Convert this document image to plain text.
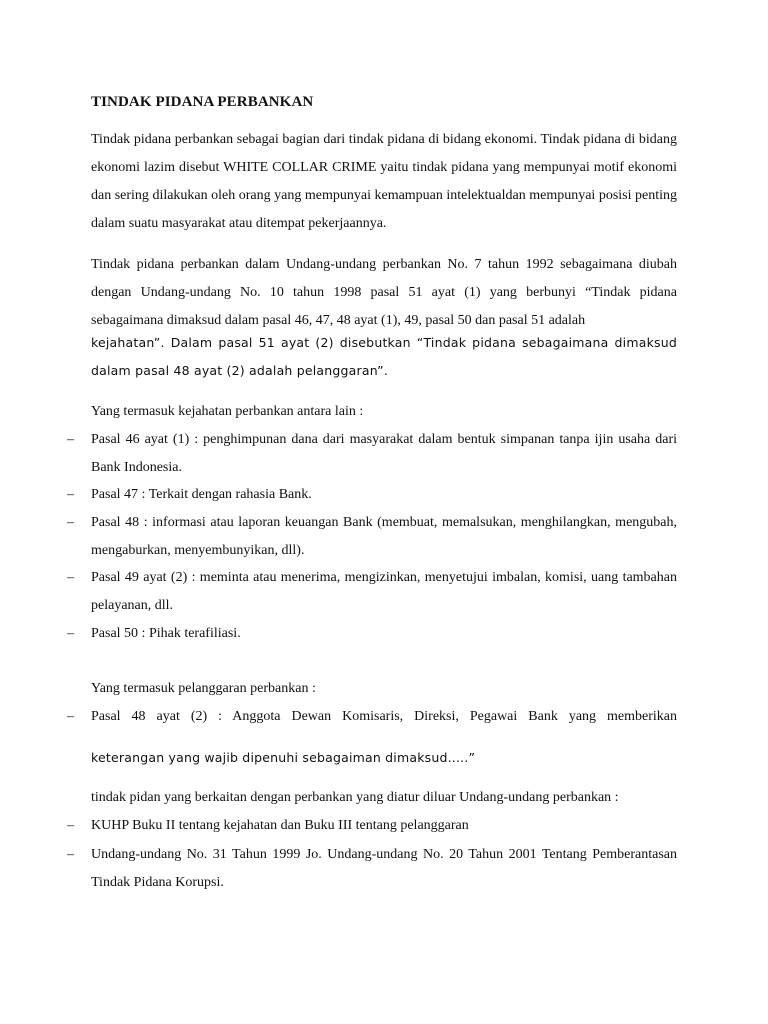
TINDAK PIDANA PERBANKAN

Tindak pidana perbankan sebagai bagian dari tindak pidana di bidang ekonomi. Tindak pidana di bidang ekonomi lazim disebut WHITE COLLAR CRIME yaitu tindak pidana yang mempunyai motif ekonomi dan sering dilakukan oleh orang yang mempunyai kemampuan intelektualdan mempunyai posisi penting dalam suatu masyarakat atau ditempat pekerjaannya.

Tindak pidana perbankan dalam Undang-undang perbankan No. 7 tahun 1992 sebagaimana diubah dengan Undang-undang No. 10 tahun 1998 pasal 51 ayat (1) yang berbunyi “Tindak pidana sebagaimana dimaksud dalam pasal 46, 47, 48 ayat (1), 49, pasal 50 dan pasal 51 adalah

kejahatan”. Dalam pasal 51 ayat (2) disebutkan “Tindak pidana sebagaimana dimaksud dalam pasal 48 ayat (2) adalah pelanggaran”.

Yang termasuk kejahatan perbankan antara lain :
– Pasal 46 ayat (1) : penghimpunan dana dari masyarakat dalam bentuk simpanan tanpa ijin usaha dari Bank Indonesia.

– Pasal 47 : Terkait dengan rahasia Bank.

– Pasal 48 : informasi atau laporan keuangan Bank (membuat, memalsukan, menghilangkan, mengubah, mengaburkan, menyembunyikan, dll).

– Pasal 49 ayat (2) : meminta atau menerima, mengizinkan, menyetujui imbalan, komisi, uang tambahan pelayanan, dll.

– Pasal 50 : Pihak terafiliasi.

Yang termasuk pelanggaran perbankan :
– Pasal 48 ayat (2) : Anggota Dewan Komisaris, Direksi, Pegawai Bank yang memberikan

keterangan yang wajib dipenuhi sebagaiman dimaksud.....”

tindak pidan yang berkaitan dengan perbankan yang diatur diluar Undang-undang perbankan :
– KUHP Buku II tentang kejahatan dan Buku III tentang pelanggaran

– Undang-undang No. 31 Tahun 1999 Jo. Undang-undang No. 20 Tahun 2001 Tentang Pemberantasan Tindak Pidana Korupsi.
